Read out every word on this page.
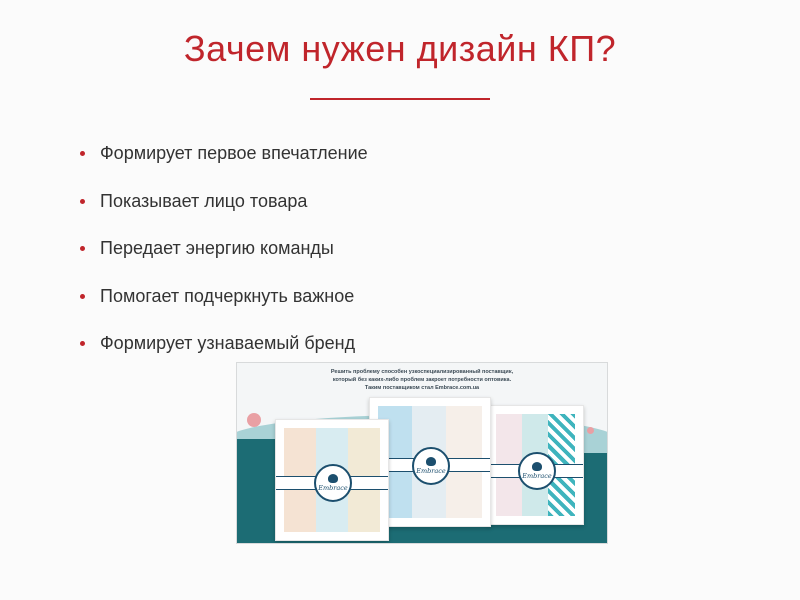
Зачем нужен дизайн КП?
Формирует первое впечатление
Показывает лицо товара
Передает энергию команды
Помогает подчеркнуть важное
Формирует узнаваемый бренд
Решить проблему способен узкоспециализированный поставщик,
который без каких-либо проблем закроет потребности оптовика.
Таким поставщиком стал Embrace.com.ua
Embrace
Embrace
Embrace
